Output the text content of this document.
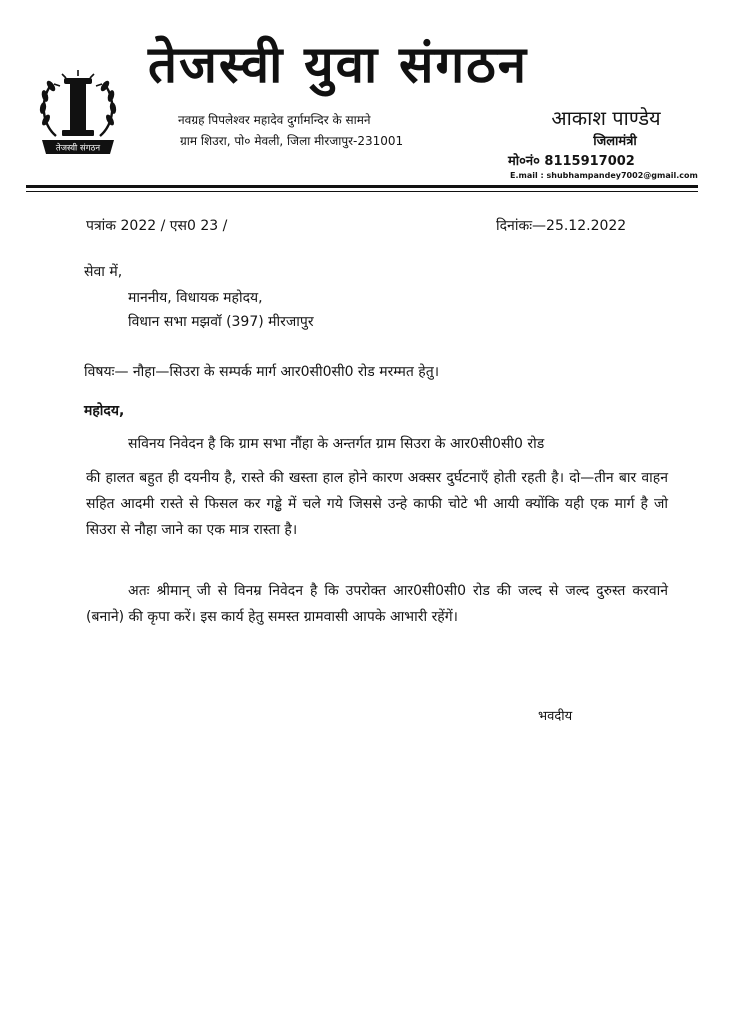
तेजस्वी संगठन
तेजस्वी युवा संगठन
नवग्रह पिपलेश्वर महादेव दुर्गामन्दिर के सामने
ग्राम शिउरा, पो० मेवली, जिला मीरजापुर-231001
आकाश पाण्डेय
जिलामंत्री
मो०नं० 8115917002
E.mail : shubhampandey7002@gmail.com
पत्रांक 2022 / एस0 23 /	दिनांकः—25.12.2022
सेवा में,
माननीय, विधायक महोदय,
विधान सभा मझवॉ (397) मीरजापुर
विषयः— नौहा—सिउरा के सम्पर्क मार्ग आर0सी0सी0 रोड मरम्मत हेतु।
महोदय,
सविनय निवेदन है कि ग्राम सभा नौंहा के अन्तर्गत ग्राम सिउरा के आर0सी0सी0 रोड
की हालत बहुत ही दयनीय है, रास्ते की खस्ता हाल होने कारण अक्सर दुर्घटनाएँ होती रहती है। दो—तीन बार वाहन सहित आदमी रास्ते से फिसल कर गड्ढे में चले गये जिससे उन्हे काफी चोटे भी आयी क्योंकि यही एक मार्ग है जो सिउरा से नौहा जाने का एक मात्र रास्ता है।
अतः श्रीमान् जी से विनम्र निवेदन है कि उपरोक्त आर0सी0सी0 रोड की जल्द से जल्द दुरुस्त करवाने (बनाने) की कृपा करें। इस कार्य हेतु समस्त ग्रामवासी आपके आभारी रहेंगें।
भवदीय
